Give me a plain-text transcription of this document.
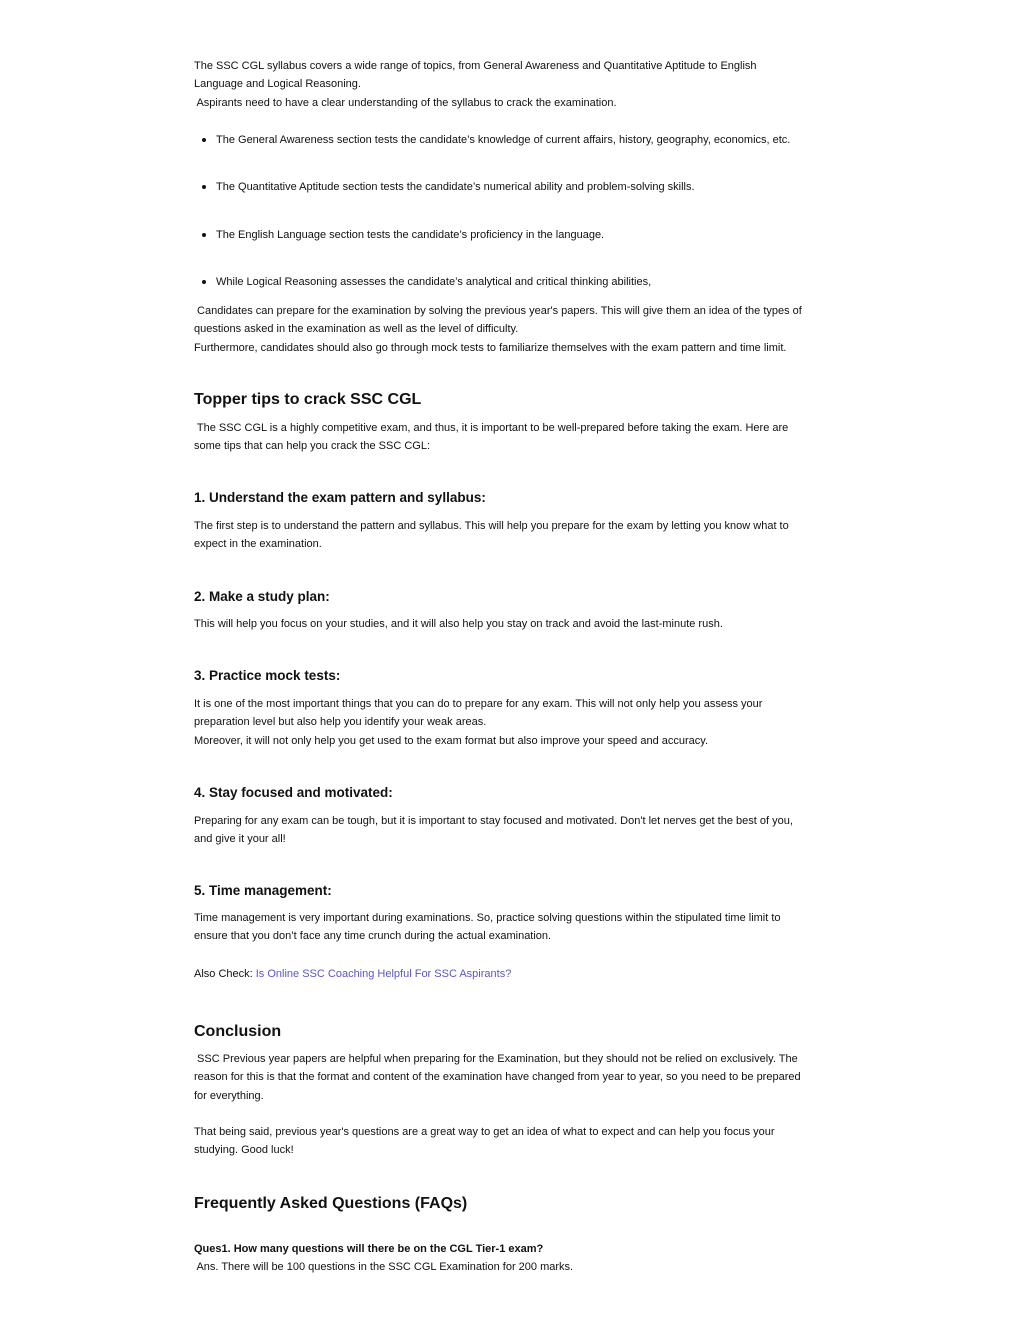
The SSC CGL syllabus covers a wide range of topics, from General Awareness and Quantitative Aptitude to English

Language and Logical Reasoning.

Aspirants need to have a clear understanding of the syllabus to crack the examination.

The General Awareness section tests the candidate’s knowledge of current affairs, history, geography, economics, etc.
The Quantitative Aptitude section tests the candidate’s numerical ability and problem-solving skills.
The English Language section tests the candidate’s proficiency in the language.
While Logical Reasoning assesses the candidate’s analytical and critical thinking abilities,

Candidates can prepare for the examination by solving the previous year's papers. This will give them an idea of the types of

questions asked in the examination as well as the level of difficulty.

Furthermore, candidates should also go through mock tests to familiarize themselves with the exam pattern and time limit.

Topper tips to crack SSC CGL

The SSC CGL is a highly competitive exam, and thus, it is important to be well-prepared before taking the exam. Here are

some tips that can help you crack the SSC CGL:

1. Understand the exam pattern and syllabus:

The first step is to understand the pattern and syllabus. This will help you prepare for the exam by letting you know what to

expect in the examination.

2. Make a study plan:

This will help you focus on your studies, and it will also help you stay on track and avoid the last-minute rush.

3. Practice mock tests:

It is one of the most important things that you can do to prepare for any exam. This will not only help you assess your

preparation level but also help you identify your weak areas.

Moreover, it will not only help you get used to the exam format but also improve your speed and accuracy.

4. Stay focused and motivated:

Preparing for any exam can be tough, but it is important to stay focused and motivated. Don't let nerves get the best of you,

and give it your all!

5. Time management:

Time management is very important during examinations. So, practice solving questions within the stipulated time limit to

ensure that you don’t face any time crunch during the actual examination.

Also Check: Is Online SSC Coaching Helpful For SSC Aspirants?

Conclusion

SSC Previous year papers are helpful when preparing for the Examination, but they should not be relied on exclusively. The

reason for this is that the format and content of the examination have changed from year to year, so you need to be prepared

for everything.

That being said, previous year's questions are a great way to get an idea of what to expect and can help you focus your

studying. Good luck!

Frequently Asked Questions (FAQs)

Ques1. How many questions will there be on the CGL Tier-1 exam?

Ans. There will be 100 questions in the SSC CGL Examination for 200 marks.
